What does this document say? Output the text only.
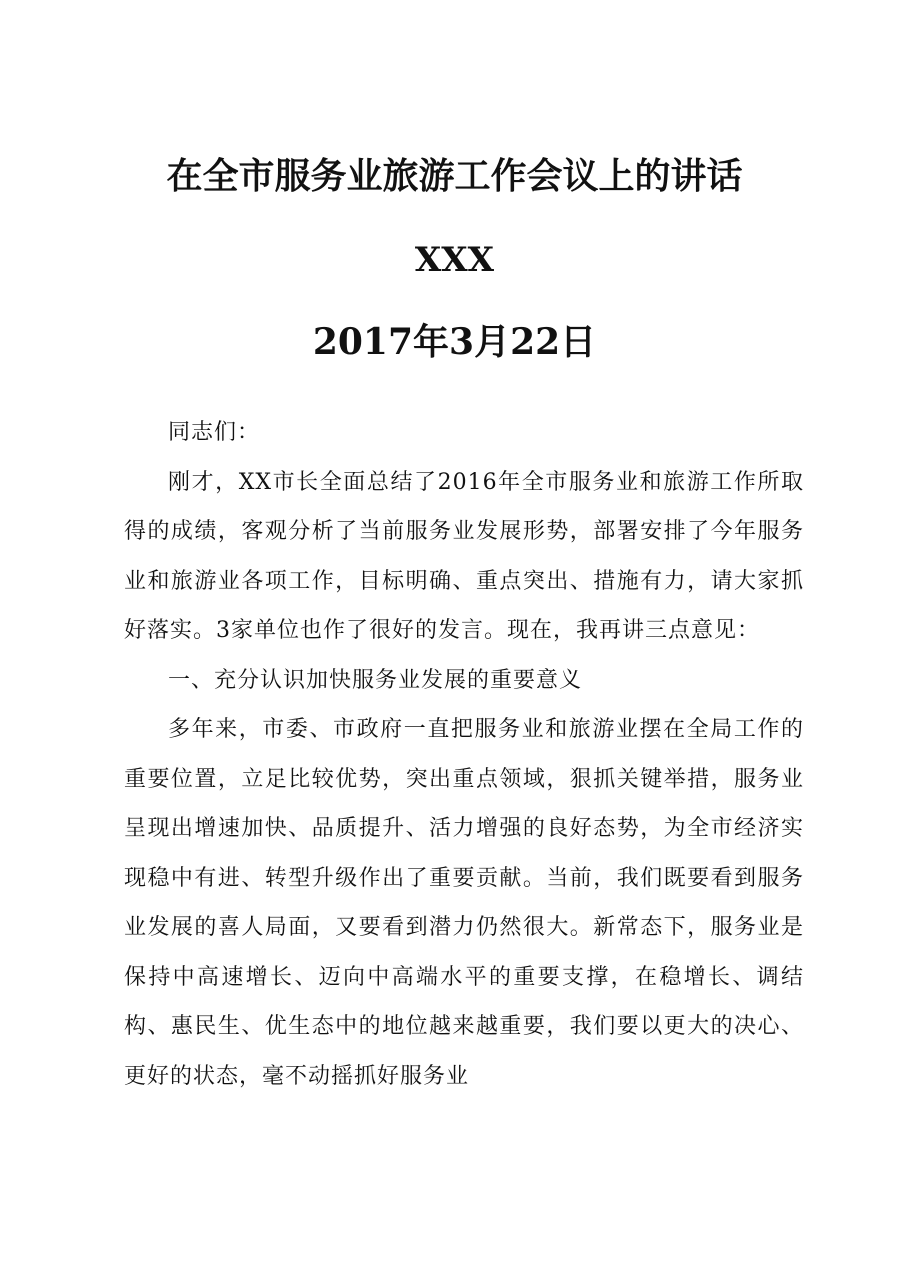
在全市服务业旅游工作会议上的讲话
XXX
2017年3月22日

同志们：

刚才，XX市长全面总结了2016年全市服务业和旅游工作所取得的成绩，客观分析了当前服务业发展形势，部署安排了今年服务业和旅游业各项工作，目标明确、重点突出、措施有力，请大家抓好落实。3家单位也作了很好的发言。现在，我再讲三点意见：

一、充分认识加快服务业发展的重要意义

多年来，市委、市政府一直把服务业和旅游业摆在全局工作的重要位置，立足比较优势，突出重点领域，狠抓关键举措，服务业呈现出增速加快、品质提升、活力增强的良好态势，为全市经济实现稳中有进、转型升级作出了重要贡献。当前，我们既要看到服务业发展的喜人局面，又要看到潜力仍然很大。新常态下，服务业是保持中高速增长、迈向中高端水平的重要支撑，在稳增长、调结构、惠民生、优生态中的地位越来越重要，我们要以更大的决心、更好的状态，毫不动摇抓好服务业
